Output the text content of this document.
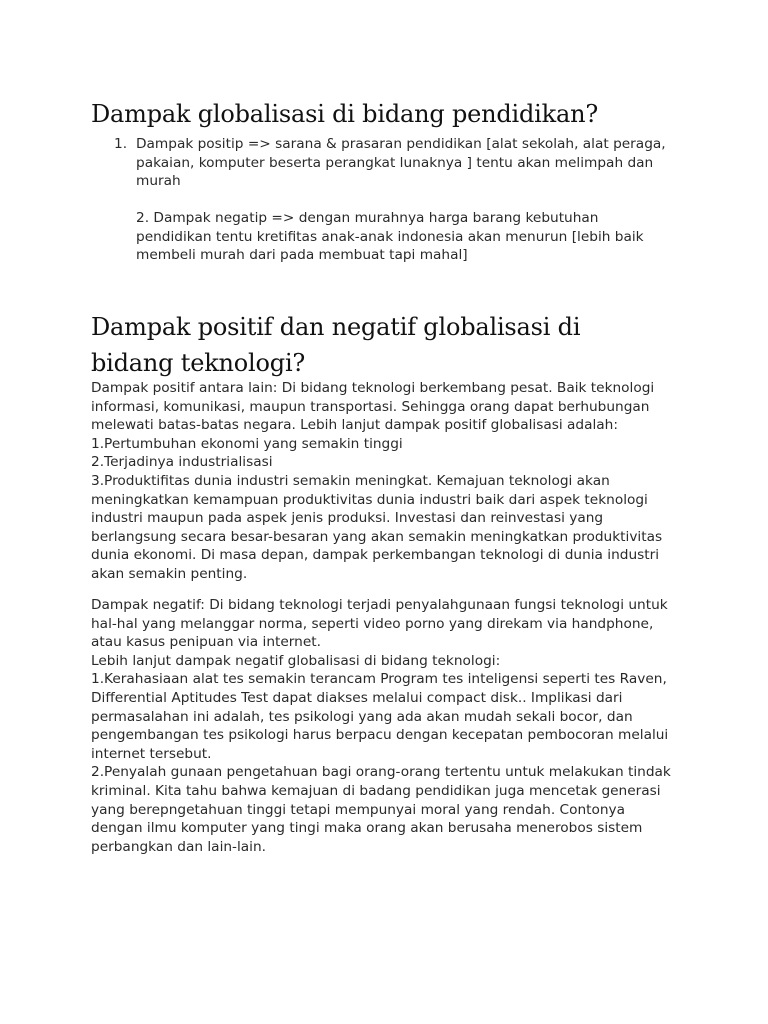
Dampak globalisasi di bidang pendidikan?
1. Dampak positip => sarana & prasaran pendidikan [alat sekolah, alat peraga,
pakaian, komputer beserta perangkat lunaknya ] tentu akan melimpah dan
murah
2. Dampak negatip => dengan murahnya harga barang kebutuhan
pendidikan tentu kretifitas anak-anak indonesia akan menurun [lebih baik
membeli murah dari pada membuat tapi mahal]
Dampak positif dan negatif globalisasi di
bidang teknologi?
Dampak positif antara lain: Di bidang teknologi berkembang pesat. Baik teknologi
informasi, komunikasi, maupun transportasi. Sehingga orang dapat berhubungan
melewati batas-batas negara. Lebih lanjut dampak positif globalisasi adalah:
1.Pertumbuhan ekonomi yang semakin tinggi
2.Terjadinya industrialisasi
3.Produktifitas dunia industri semakin meningkat. Kemajuan teknologi akan
meningkatkan kemampuan produktivitas dunia industri baik dari aspek teknologi
industri maupun pada aspek jenis produksi. Investasi dan reinvestasi yang
berlangsung secara besar-besaran yang akan semakin meningkatkan produktivitas
dunia ekonomi. Di masa depan, dampak perkembangan teknologi di dunia industri
akan semakin penting.
Dampak negatif: Di bidang teknologi terjadi penyalahgunaan fungsi teknologi untuk
hal-hal yang melanggar norma, seperti video porno yang direkam via handphone,
atau kasus penipuan via internet.
Lebih lanjut dampak negatif globalisasi di bidang teknologi:
1.Kerahasiaan alat tes semakin terancam Program tes inteligensi seperti tes Raven,
Differential Aptitudes Test dapat diakses melalui compact disk.. Implikasi dari
permasalahan ini adalah, tes psikologi yang ada akan mudah sekali bocor, dan
pengembangan tes psikologi harus berpacu dengan kecepatan pembocoran melalui
internet tersebut.
2.Penyalah gunaan pengetahuan bagi orang-orang tertentu untuk melakukan tindak
kriminal. Kita tahu bahwa kemajuan di badang pendidikan juga mencetak generasi
yang berepngetahuan tinggi tetapi mempunyai moral yang rendah. Contonya
dengan ilmu komputer yang tingi maka orang akan berusaha menerobos sistem
perbangkan dan lain-lain.
